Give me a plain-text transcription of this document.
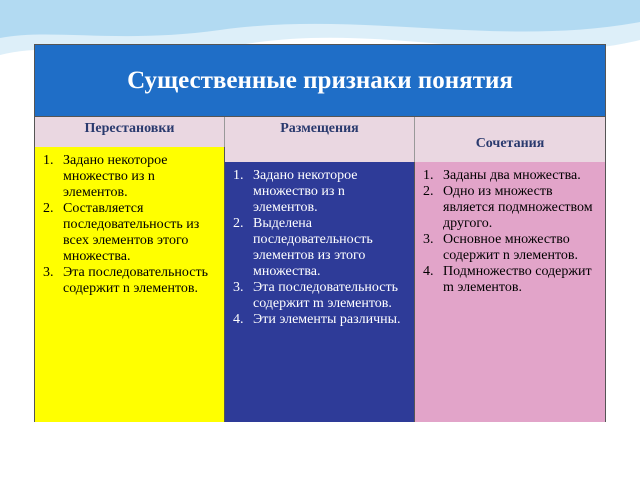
Существенные признаки понятия
Перестановки	Размещения
Сочетания
1. Задано некоторое множество из n элементов.
2. Составляется последовательность из всех элементов этого множества.
3. Эта последовательность содержит n элементов.
1. Задано некоторое множество из n элементов.
2. Выделена последовательность элементов из этого множества.
3. Эта последовательность содержит m элементов.
4. Эти элементы различны.
1. Заданы два множества.
2. Одно из множеств является подмножеством другого.
3. Основное множество содержит n элементов.
4. Подмножество содержит m элементов.
